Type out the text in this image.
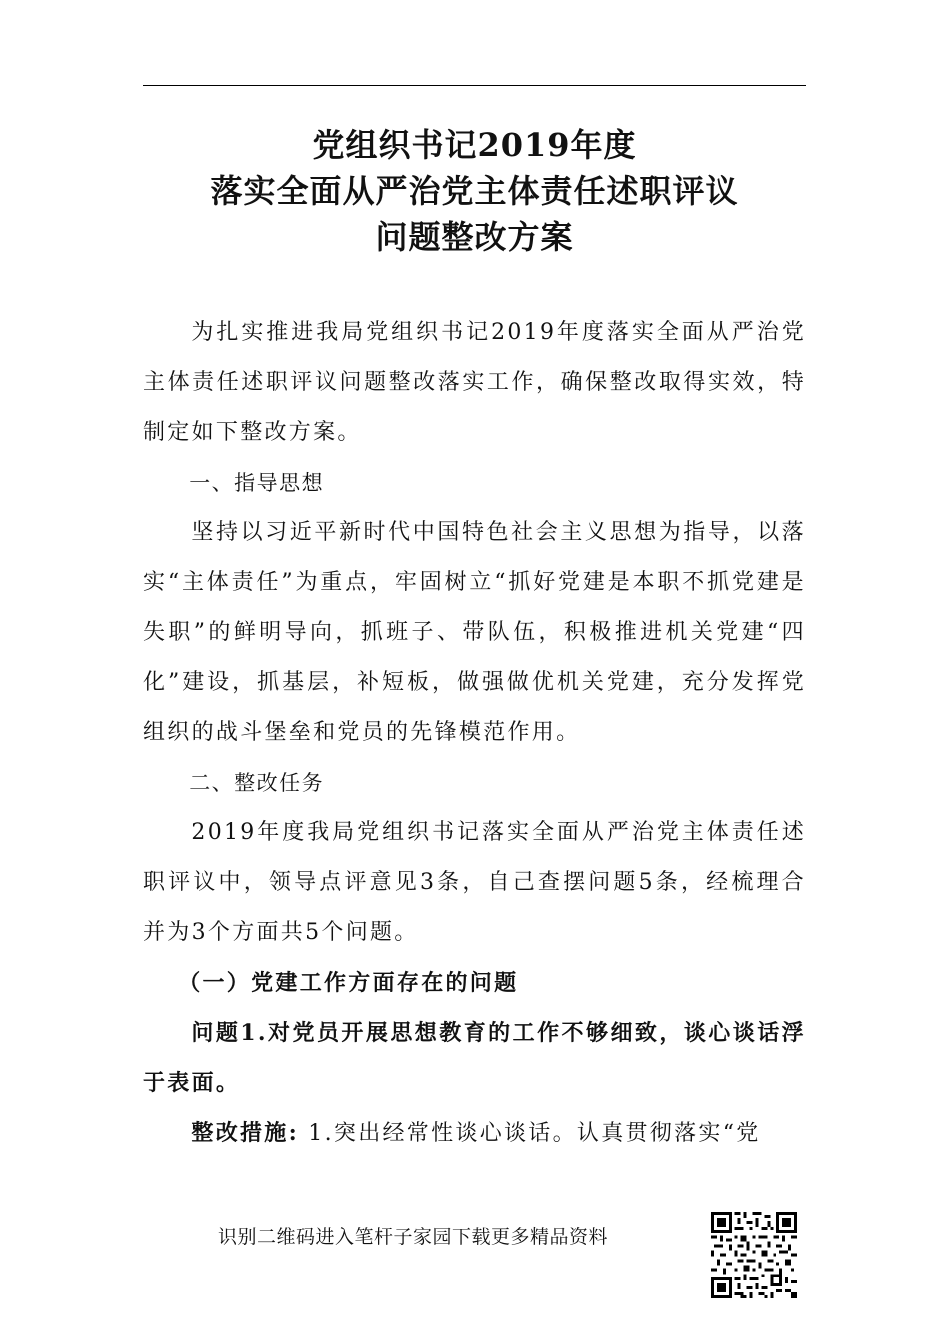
党组织书记2019年度
落实全面从严治党主体责任述职评议
问题整改方案

为扎实推进我局党组织书记2019年度落实全面从严治党主体责任述职评议问题整改落实工作，确保整改取得实效，特制定如下整改方案。

一、指导思想

坚持以习近平新时代中国特色社会主义思想为指导，以落实“主体责任”为重点，牢固树立“抓好党建是本职不抓党建是失职”的鲜明导向，抓班子、带队伍，积极推进机关党建“四化”建设，抓基层，补短板，做强做优机关党建，充分发挥党组织的战斗堡垒和党员的先锋模范作用。

二、整改任务

2019年度我局党组织书记落实全面从严治党主体责任述职评议中，领导点评意见3条，自己查摆问题5条，经梳理合并为3个方面共5个问题。

（一）党建工作方面存在的问题

问题1.对党员开展思想教育的工作不够细致，谈心谈话浮于表面。

整改措施: 1.突出经常性谈心谈话。认真贯彻落实“党

识别二维码进入笔杆子家园下载更多精品资料
